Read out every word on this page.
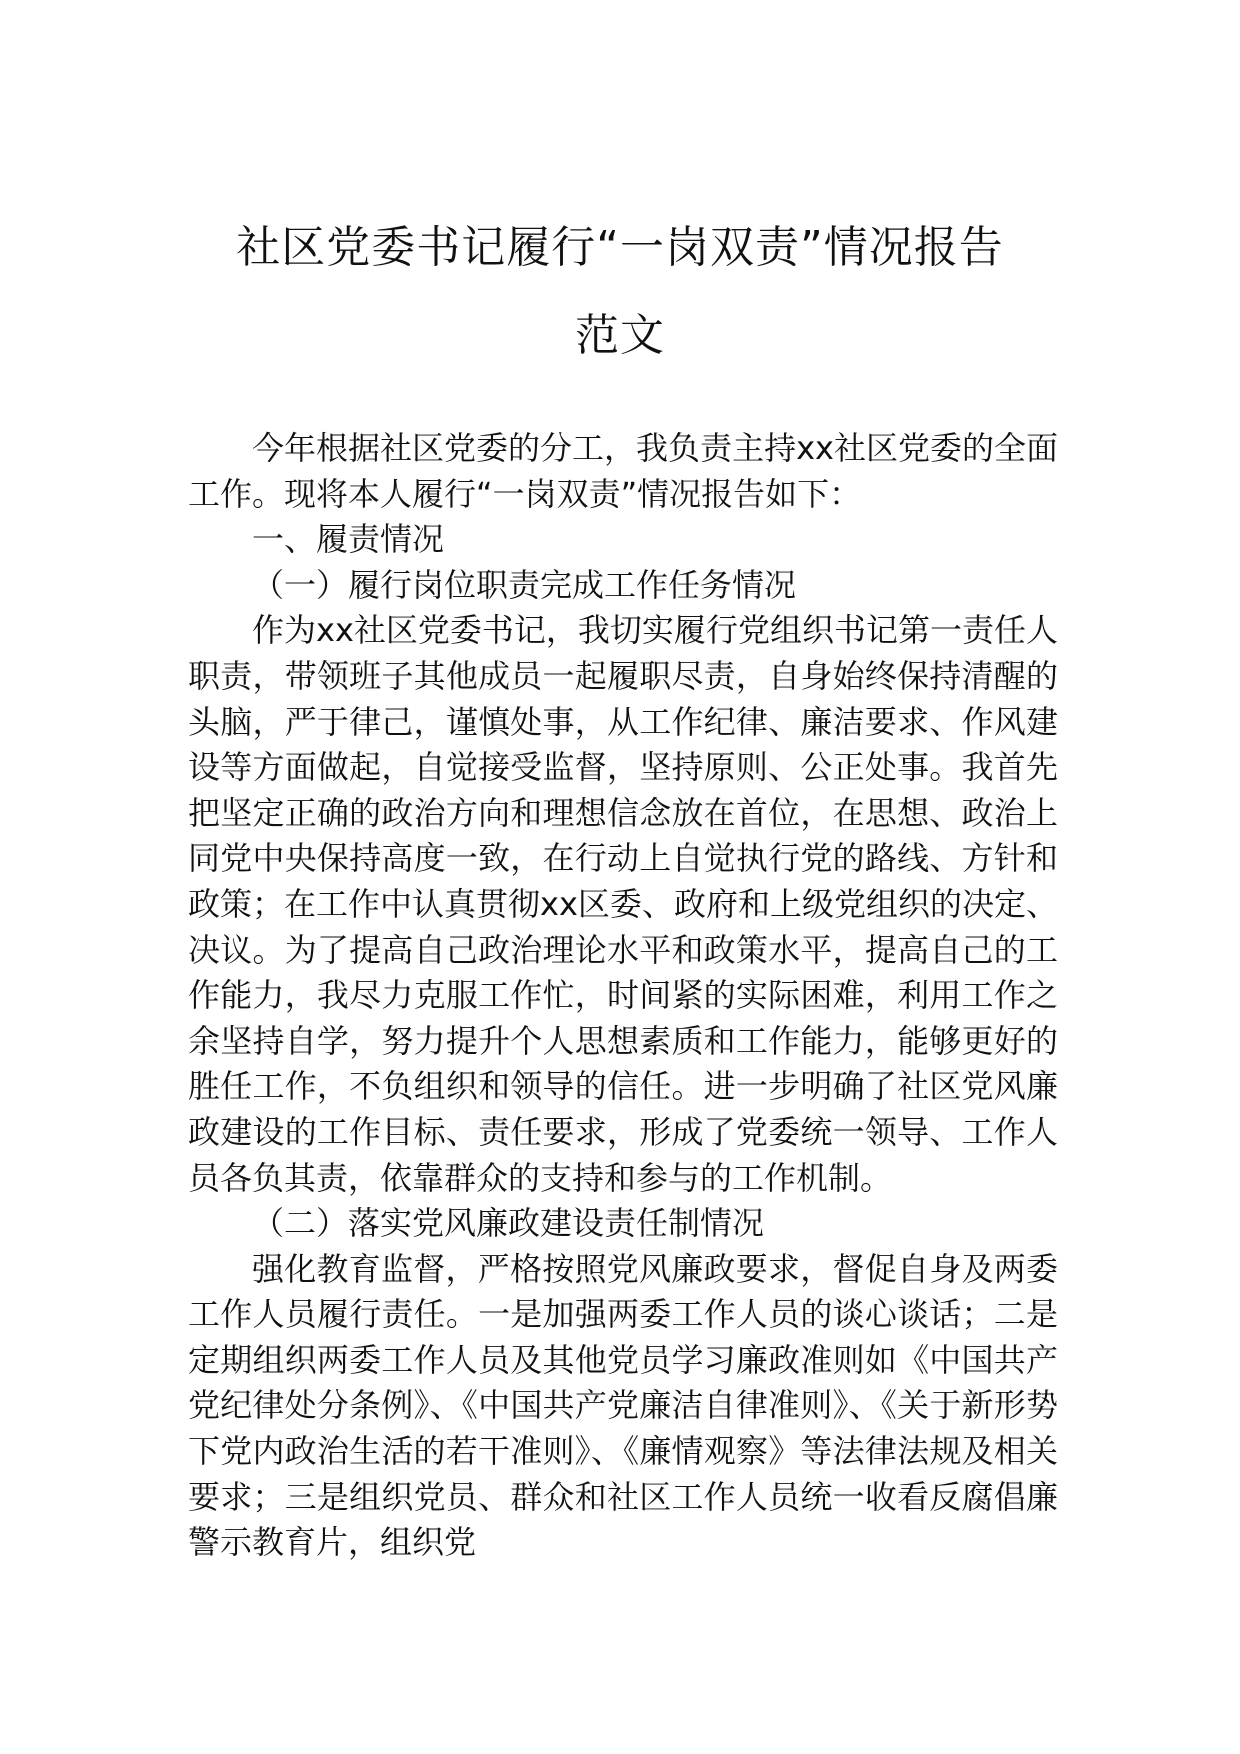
社区党委书记履行“一岗双责”情况报告
范文

今年根据社区党委的分工，我负责主持xx社区党委的全面工作。现将本人履行“一岗双责”情况报告如下：

一、履责情况

（一）履行岗位职责完成工作任务情况

作为xx社区党委书记，我切实履行党组织书记第一责任人职责，带领班子其他成员一起履职尽责，自身始终保持清醒的头脑，严于律己，谨慎处事，从工作纪律、廉洁要求、作风建设等方面做起，自觉接受监督，坚持原则、公正处事。我首先把坚定正确的政治方向和理想信念放在首位，在思想、政治上同党中央保持高度一致，在行动上自觉执行党的路线、方针和政策；在工作中认真贯彻xx区委、政府和上级党组织的决定、决议。为了提高自己政治理论水平和政策水平，提高自己的工作能力，我尽力克服工作忙，时间紧的实际困难，利用工作之余坚持自学，努力提升个人思想素质和工作能力，能够更好的胜任工作，不负组织和领导的信任。进一步明确了社区党风廉政建设的工作目标、责任要求，形成了党委统一领导、工作人员各负其责，依靠群众的支持和参与的工作机制。

（二）落实党风廉政建设责任制情况

强化教育监督，严格按照党风廉政要求，督促自身及两委工作人员履行责任。一是加强两委工作人员的谈心谈话；二是定期组织两委工作人员及其他党员学习廉政准则如《中国共产党纪律处分条例》、《中国共产党廉洁自律准则》、《关于新形势下党内政治生活的若干准则》、《廉情观察》等法律法规及相关要求；三是组织党员、群众和社区工作人员统一收看反腐倡廉警示教育片，组织党
